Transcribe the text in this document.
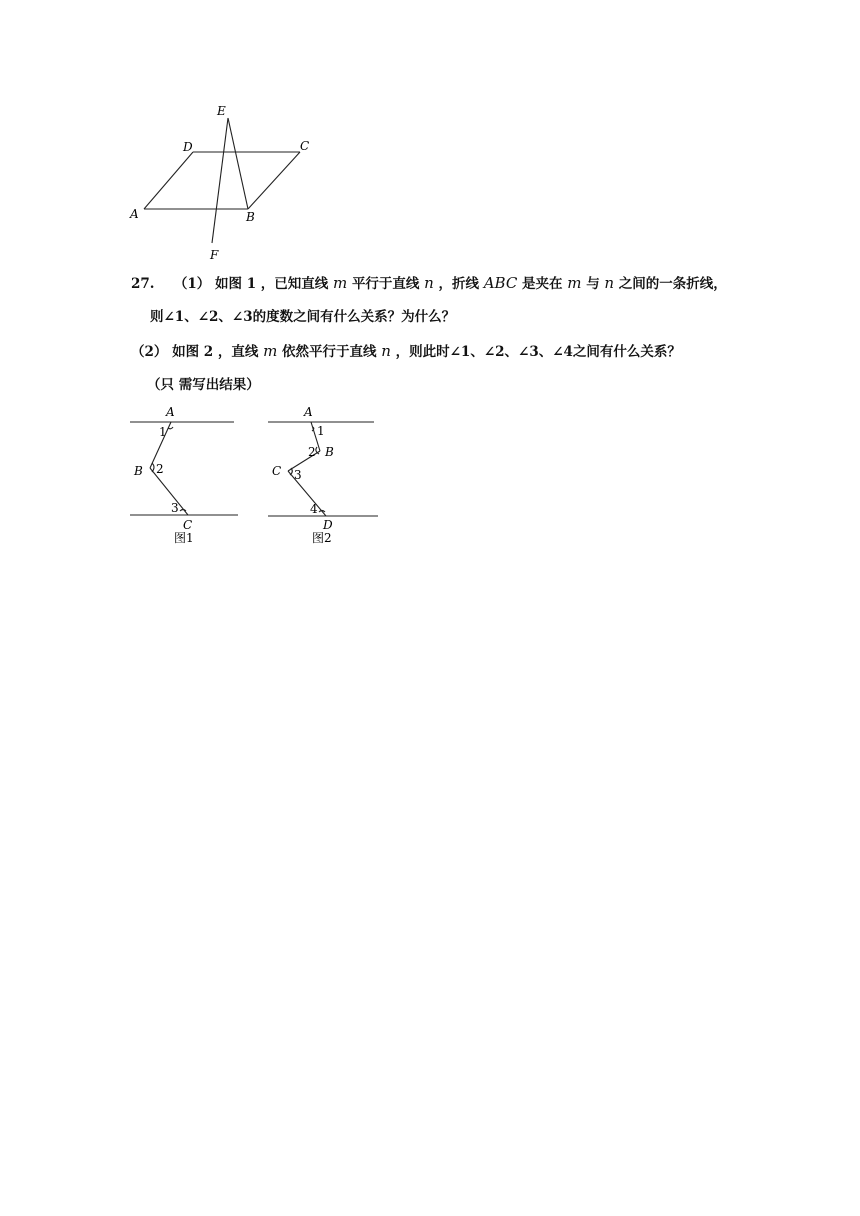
E
D	C
A	B
F
27. （1） 如图 1 ，已知直线 m 平行于直线 n ，折线 ABC 是夹在 m 与 n 之间的一条折线，
则∠1、∠2、∠3的度数之间有什么关系？为什么？
（2） 如图 2 ，直线 m 依然平行于直线 n ，则此时∠1、∠2、∠3、∠4之间有什么关系？
（只 需写出结果）
A
1
B 2
3
C
图1
A
1
2 B
C 3
4
D
图2
